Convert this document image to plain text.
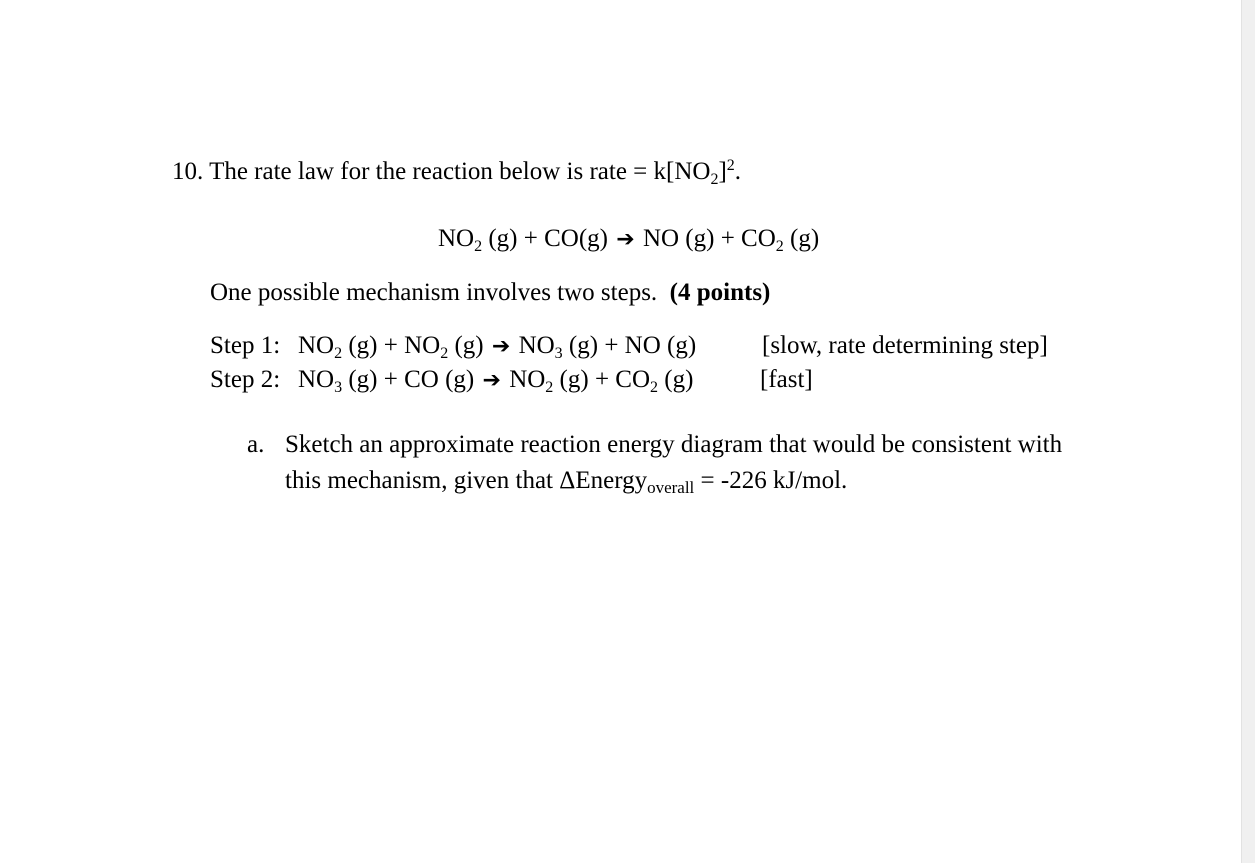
10. The rate law for the reaction below is rate = $k[NO_2]^2$.
$NO_2$ (g) + CO(g) ➔ NO $(g) + CO_2$ (g)
One possible mechanism involves two steps. (4 points)
Step 1: $NO_2$ $(g) + NO_2$ (g) ➔ $NO_3$ (g) + NO (g)	[slow, rate determining step]
Step 2: $NO_3$ (g) + CO (g) ➔ $NO_2$ $(g) + CO_2$ (g)	[fast]
a. Sketch an approximate reaction energy diagram that would be consistent with
this mechanism, given that ΔEnergy$_{overall}$ = -226 kJ/mol.
